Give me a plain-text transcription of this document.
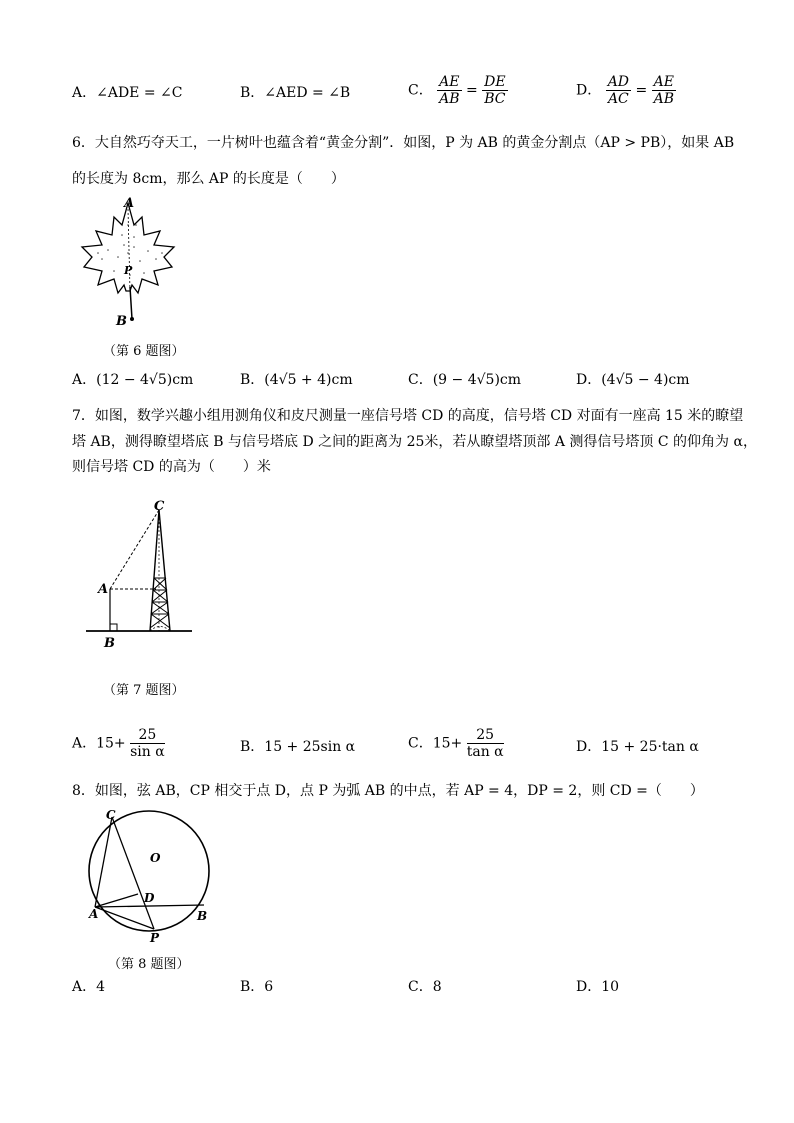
A．∠ADE = ∠C	B．∠AED = ∠B	C． $\frac{AE}{AB} = \frac{DE}{BC}$	D． $\frac{AD}{AC} = \frac{AE}{AB}$
6．大自然巧夺天工，一片树叶也蕴含着“黄金分割”．如图，P 为 AB 的黄金分割点（AP > PB），如果 AB
的长度为 8cm，那么 AP 的长度是（　　）
A
P
B
（第 6 题图）
A．(12 − 4√5)cm	B．(4√5 + 4)cm	C．(9 − 4√5)cm	D．(4√5 − 4)cm
7．如图，数学兴趣小组用测角仪和皮尺测量一座信号塔 CD 的高度，信号塔 CD 对面有一座高 15 米的瞭望
塔 AB，测得瞭望塔底 B 与信号塔底 D 之间的距离为 25米，若从瞭望塔顶部 A 测得信号塔顶 C 的仰角为 α，
则信号塔 CD 的高为（　　）米
C
A
B
（第 7 题图）
A．$15+ \frac{25}{\text{sin α}}$	B．15 + 25sin α	C．$15+ \frac{25}{\text{tan α}}$	D．15 + 25·tan α
8．如图，弦 AB，CP 相交于点 D，点 P 为弧 AB 的中点，若 AP = 4，DP = 2，则 CD =（　　）
C
O
D
A	B
P
（第 8 题图）
A．4	B．6	C．8	D．10
